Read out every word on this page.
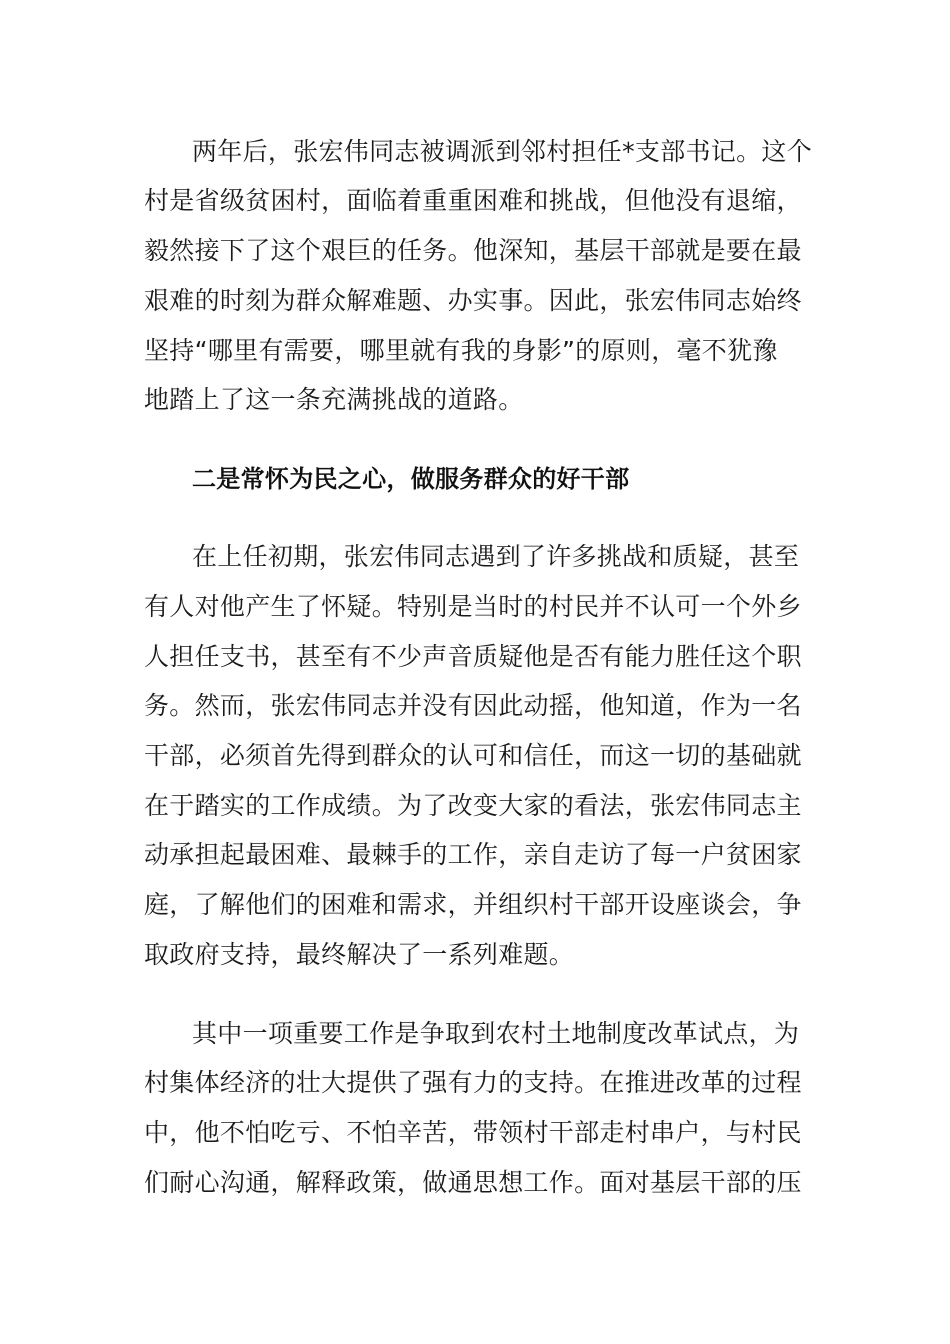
两年后，张宏伟同志被调派到邻村担任*支部书记。这个

村是省级贫困村，面临着重重困难和挑战，但他没有退缩，

毅然接下了这个艰巨的任务。他深知，基层干部就是要在最

艰难的时刻为群众解难题、办实事。因此，张宏伟同志始终

坚持“哪里有需要，哪里就有我的身影”的原则，毫不犹豫

地踏上了这一条充满挑战的道路。

二是常怀为民之心，做服务群众的好干部

在上任初期，张宏伟同志遇到了许多挑战和质疑，甚至

有人对他产生了怀疑。特别是当时的村民并不认可一个外乡

人担任支书，甚至有不少声音质疑他是否有能力胜任这个职

务。然而，张宏伟同志并没有因此动摇，他知道，作为一名

干部，必须首先得到群众的认可和信任，而这一切的基础就

在于踏实的工作成绩。为了改变大家的看法，张宏伟同志主

动承担起最困难、最棘手的工作，亲自走访了每一户贫困家

庭，了解他们的困难和需求，并组织村干部开设座谈会，争

取政府支持，最终解决了一系列难题。

其中一项重要工作是争取到农村土地制度改革试点，为

村集体经济的壮大提供了强有力的支持。在推进改革的过程

中，他不怕吃亏、不怕辛苦，带领村干部走村串户，与村民

们耐心沟通，解释政策，做通思想工作。面对基层干部的压
